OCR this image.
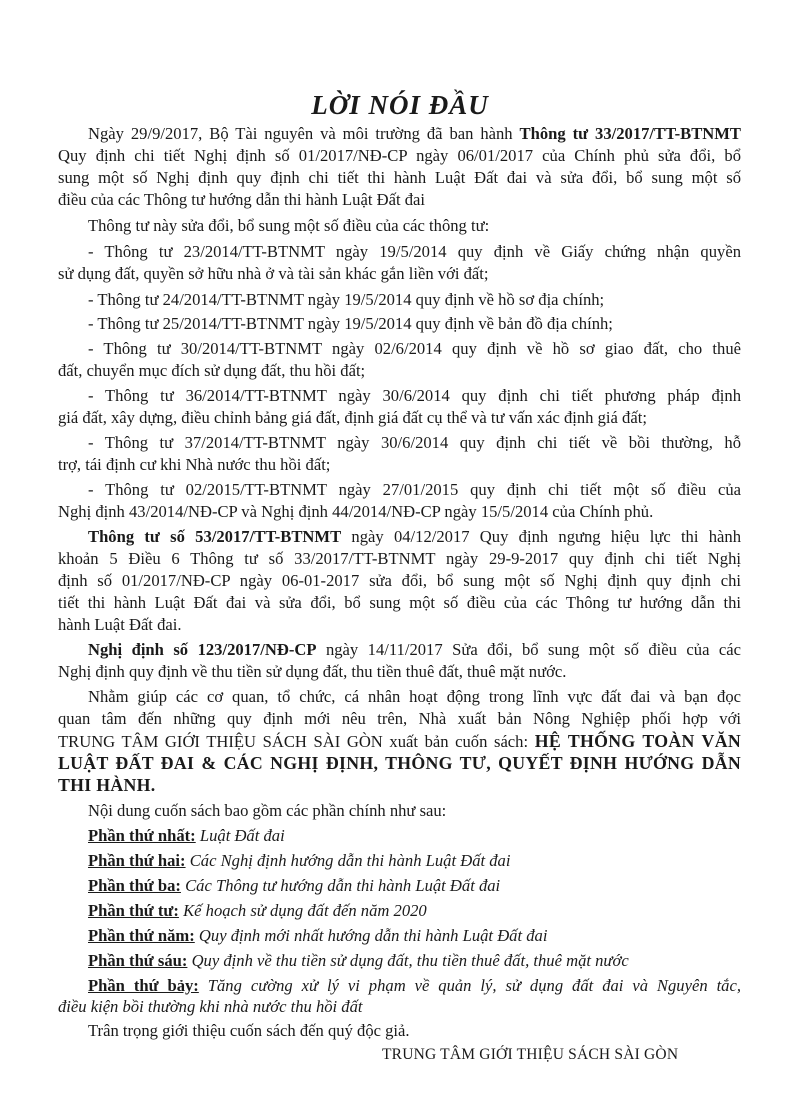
LỜI NÓI ĐẦU
Ngày 29/9/2017, Bộ Tài nguyên và môi trường đã ban hành Thông tư 33/2017/TT-BTNMT
Quy định chi tiết Nghị định số 01/2017/NĐ-CP ngày 06/01/2017 của Chính phủ sửa đổi, bổ
sung một số Nghị định quy định chi tiết thi hành Luật Đất đai và sửa đổi, bổ sung một số
điều của các Thông tư hướng dẫn thi hành Luật Đất đai
Thông tư này sửa đổi, bổ sung một số điều của các thông tư:
- Thông tư 23/2014/TT-BTNMT ngày 19/5/2014 quy định về Giấy chứng nhận quyền
sử dụng đất, quyền sở hữu nhà ở và tài sản khác gắn liền với đất;
- Thông tư 24/2014/TT-BTNMT ngày 19/5/2014 quy định về hồ sơ địa chính;
- Thông tư 25/2014/TT-BTNMT ngày 19/5/2014 quy định về bản đồ địa chính;
- Thông tư 30/2014/TT-BTNMT ngày 02/6/2014 quy định về hồ sơ giao đất, cho thuê
đất, chuyển mục đích sử dụng đất, thu hồi đất;
- Thông tư 36/2014/TT-BTNMT ngày 30/6/2014 quy định chi tiết phương pháp định
giá đất, xây dựng, điều chỉnh bảng giá đất, định giá đất cụ thể và tư vấn xác định giá đất;
- Thông tư 37/2014/TT-BTNMT ngày 30/6/2014 quy định chi tiết về bồi thường, hỗ
trợ, tái định cư khi Nhà nước thu hồi đất;
- Thông tư 02/2015/TT-BTNMT ngày 27/01/2015 quy định chi tiết một số điều của
Nghị định 43/2014/NĐ-CP và Nghị định 44/2014/NĐ-CP ngày 15/5/2014 của Chính phủ.
Thông tư số 53/2017/TT-BTNMT ngày 04/12/2017 Quy định ngưng hiệu lực thi hành
khoản 5 Điều 6 Thông tư số 33/2017/TT-BTNMT ngày 29-9-2017 quy định chi tiết Nghị
định số 01/2017/NĐ-CP ngày 06-01-2017 sửa đổi, bổ sung một số Nghị định quy định chi
tiết thi hành Luật Đất đai và sửa đổi, bổ sung một số điều của các Thông tư hướng dẫn thi
hành Luật Đất đai.
Nghị định số 123/2017/NĐ-CP ngày 14/11/2017 Sửa đổi, bổ sung một số điều của các
Nghị định quy định về thu tiền sử dụng đất, thu tiền thuê đất, thuê mặt nước.
Nhằm giúp các cơ quan, tổ chức, cá nhân hoạt động trong lĩnh vực đất đai và bạn đọc
quan tâm đến những quy định mới nêu trên, Nhà xuất bản Nông Nghiệp phối hợp với
TRUNG TÂM GIỚI THIỆU SÁCH SÀI GÒN xuất bản cuốn sách: HỆ THỐNG TOÀN VĂN
LUẬT ĐẤT ĐAI & CÁC NGHỊ ĐỊNH, THÔNG TƯ, QUYẾT ĐỊNH HƯỚNG DẪN
THI HÀNH.
Nội dung cuốn sách bao gồm các phần chính như sau:
Phần thứ nhất: Luật Đất đai
Phần thứ hai: Các Nghị định hướng dẫn thi hành Luật Đất đai
Phần thứ ba: Các Thông tư hướng dẫn thi hành Luật Đất đai
Phần thứ tư: Kế hoạch sử dụng đất đến năm 2020
Phần thứ năm: Quy định mới nhất hướng dẫn thi hành Luật Đất đai
Phần thứ sáu: Quy định về thu tiền sử dụng đất, thu tiền thuê đất, thuê mặt nước
Phần thứ bảy: Tăng cường xử lý vi phạm về quản lý, sử dụng đất đai và Nguyên tắc,
điều kiện bồi thường khi nhà nước thu hồi đất
Trân trọng giới thiệu cuốn sách đến quý độc giả.
TRUNG TÂM GIỚI THIỆU SÁCH SÀI GÒN
